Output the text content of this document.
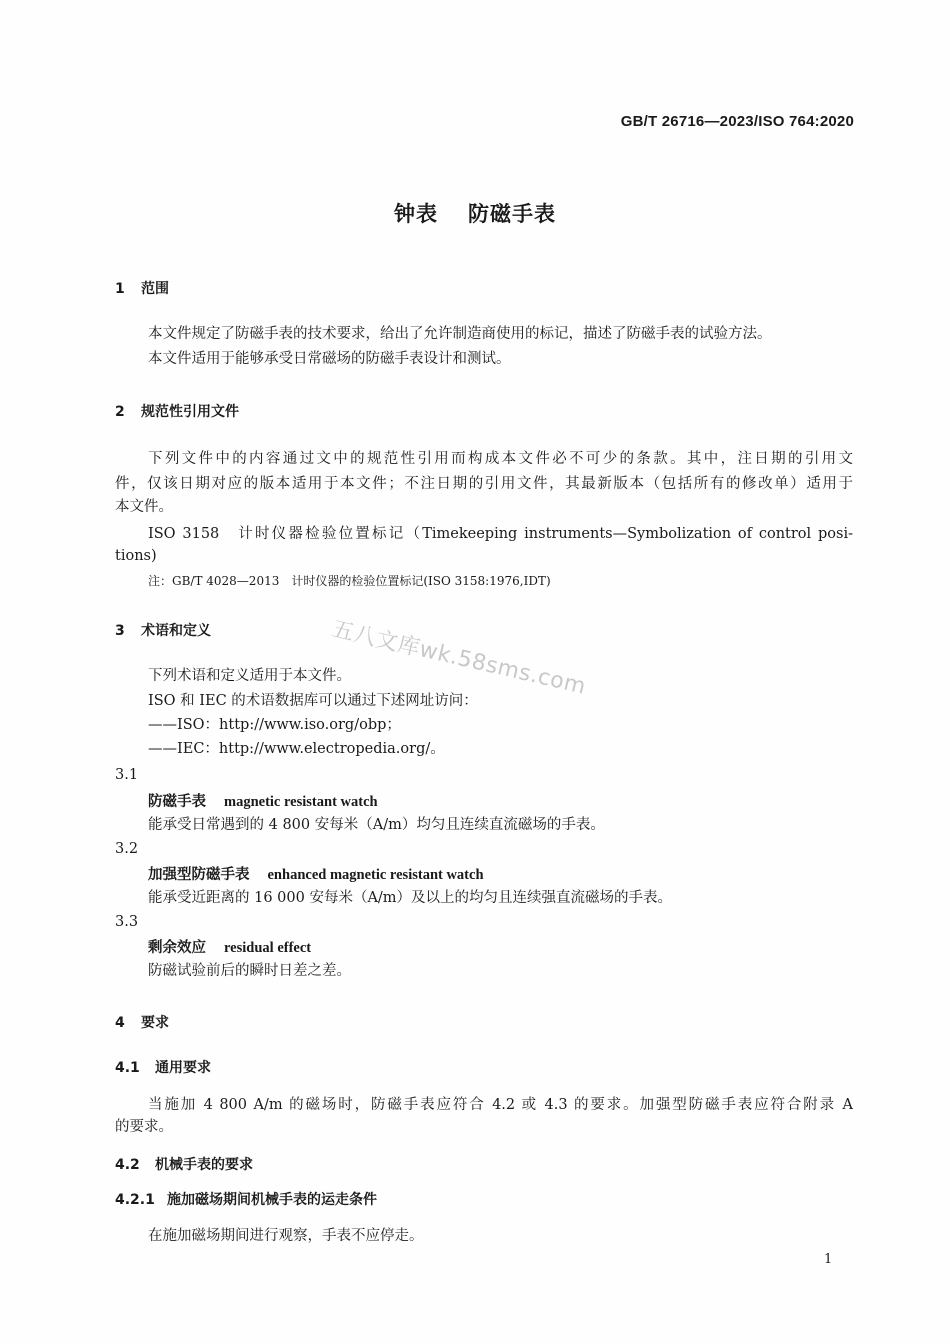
GB/T 26716—2023/ISO 764:2020
钟表 防磁手表
1 范围
本文件规定了防磁手表的技术要求，给出了允许制造商使用的标记，描述了防磁手表的试验方法。
本文件适用于能够承受日常磁场的防磁手表设计和测试。
2 规范性引用文件
下列文件中的内容通过文中的规范性引用而构成本文件必不可少的条款。其中，注日期的引用文
件，仅该日期对应的版本适用于本文件；不注日期的引用文件，其最新版本（包括所有的修改单）适用于
本文件。
ISO 3158　计时仪器检验位置标记（Timekeeping instruments—Symbolization of control posi-
tions)
注：GB/T 4028—2013　计时仪器的检验位置标记(ISO 3158:1976,IDT)
3 术语和定义
下列术语和定义适用于本文件。
ISO 和 IEC 的术语数据库可以通过下述网址访问：
——ISO：http://www.iso.org/obp；
——IEC：http://www.electropedia.org/。
3.1
防磁手表 magnetic resistant watch
能承受日常遇到的 4 800 安每米（A/m）均匀且连续直流磁场的手表。
3.2
加强型防磁手表 enhanced magnetic resistant watch
能承受近距离的 16 000 安每米（A/m）及以上的均匀且连续强直流磁场的手表。
3.3
剩余效应 residual effect
防磁试验前后的瞬时日差之差。
4 要求
4.1 通用要求
当施加 4 800 A/m 的磁场时，防磁手表应符合 4.2 或 4.3 的要求。加强型防磁手表应符合附录 A
的要求。
4.2 机械手表的要求
4.2.1 施加磁场期间机械手表的运走条件
在施加磁场期间进行观察，手表不应停走。
1
五八文库wk.58sms.com
